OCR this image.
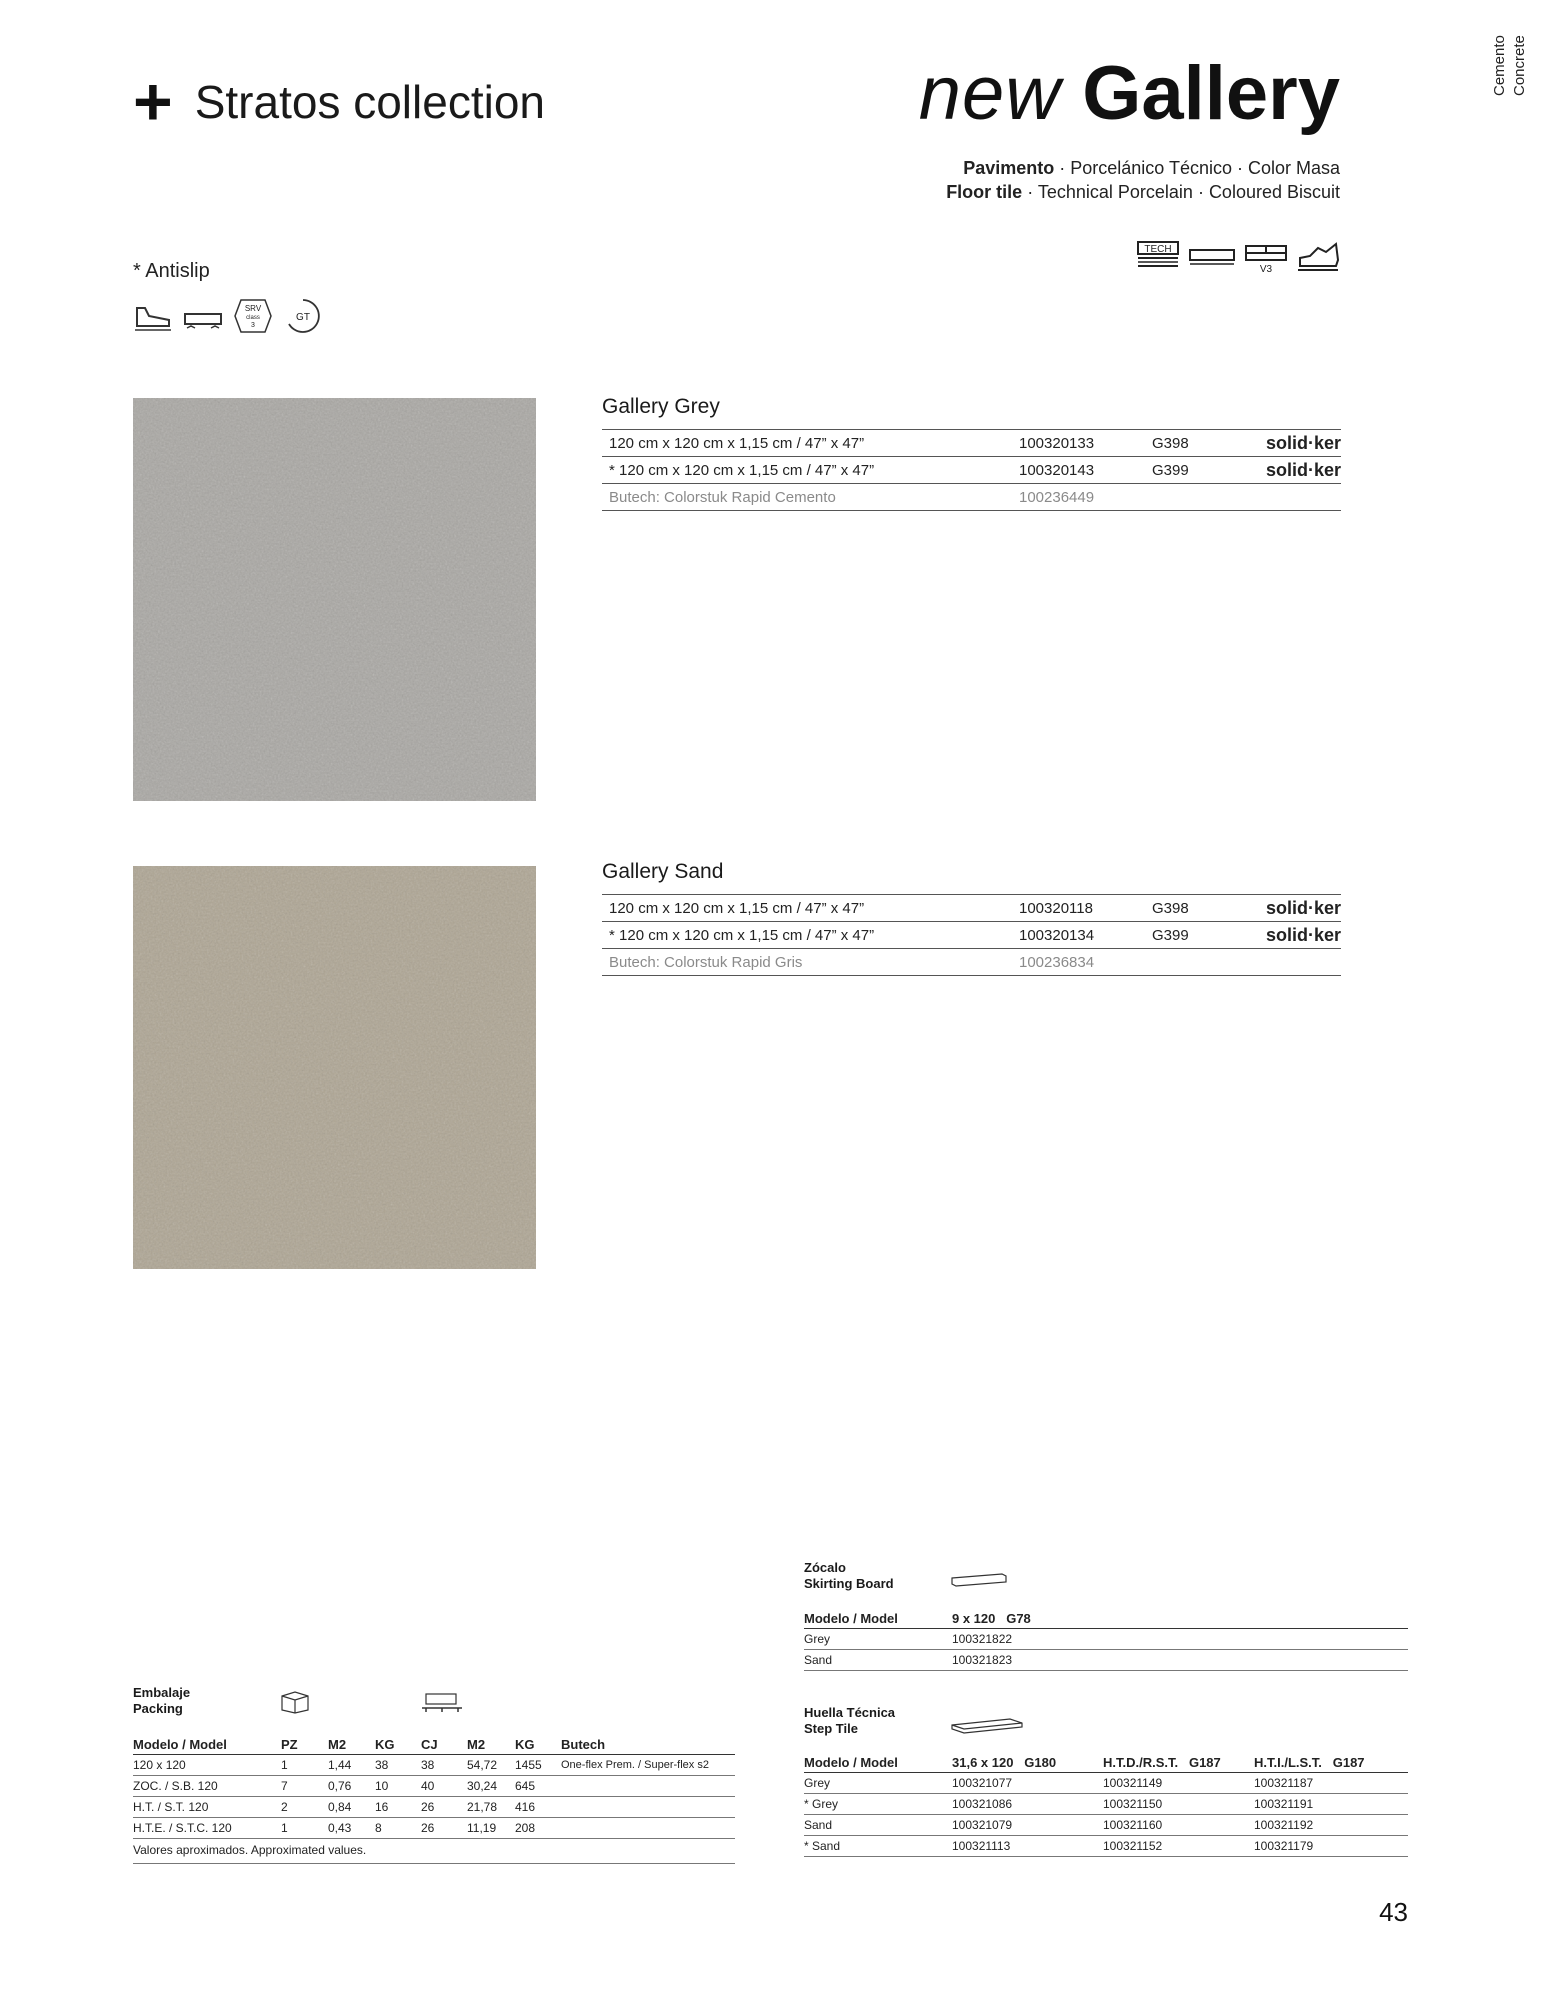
+ Stratos collection	new Gallery
Pavimento · Porcelánico Técnico · Color Masa
Floor tile · Technical Porcelain · Coloured Biscuit
Cemento Concrete
TECH
V3
* Antislip
SRV
class
3
GT
Gallery Grey
120 cm x 120 cm x 1,15 cm / 47” x 47”	100320133	G398	solid·ker
* 120 cm x 120 cm x 1,15 cm / 47” x 47”	100320143	G399	solid·ker
Butech: Colorstuk Rapid Cemento	100236449
Gallery Sand
120 cm x 120 cm x 1,15 cm / 47” x 47”	100320118	G398	solid·ker
* 120 cm x 120 cm x 1,15 cm / 47” x 47”	100320134	G399	solid·ker
Butech: Colorstuk Rapid Gris	100236834
Embalaje
Packing
Modelo / Model	PZ	M2	KG	CJ	M2	KG	Butech
120 x 120	1	1,44	38	38	54,72	1455	One-flex Prem. / Super-flex s2
ZOC. / S.B. 120	7	0,76	10	40	30,24	645
H.T. / S.T. 120	2	0,84	16	26	21,78	416
H.T.E. / S.T.C. 120	1	0,43	8	26	11,19	208
Valores aproximados. Approximated values.
Zócalo
Skirting Board
Modelo / Model	9 x 120   G78
Grey	100321822
Sand	100321823
Huella Técnica
Step Tile
Modelo / Model	31,6 x 120   G180	H.T.D./R.S.T.   G187	H.T.I./L.S.T.   G187
Grey	100321077	100321149	100321187
* Grey	100321086	100321150	100321191
Sand	100321079	100321160	100321192
* Sand	100321113	100321152	100321179
43
